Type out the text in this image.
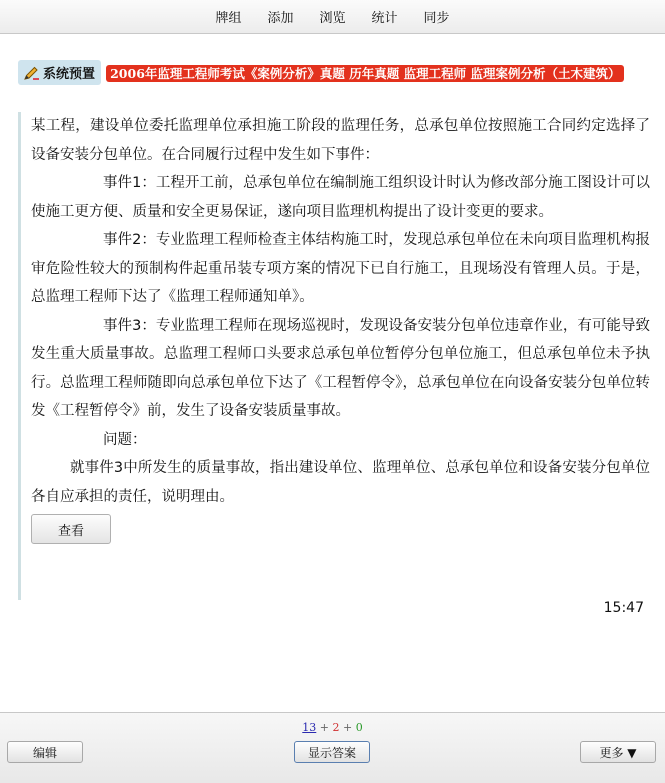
牌组	添加	浏览	统计	同步
系统预置 2006年监理工程师考试《案例分析》真题 历年真题 监理工程师 监理案例分析（土木建筑）

某工程，建设单位委托监理单位承担施工阶段的监理任务，总承包单位按照施工合同约定选择了设备安装分包单位。在合同履行过程中发生如下事件：

事件1：工程开工前，总承包单位在编制施工组织设计时认为修改部分施工图设计可以使施工更方便、质量和安全更易保证，遂向项目监理机构提出了设计变更的要求。

事件2：专业监理工程师检查主体结构施工时，发现总承包单位在未向项目监理机构报审危险性较大的预制构件起重吊装专项方案的情况下已自行施工，且现场没有管理人员。于是，总监理工程师下达了《监理工程师通知单》。

事件3：专业监理工程师在现场巡视时，发现设备安装分包单位违章作业，有可能导致发生重大质量事故。总监理工程师口头要求总承包单位暂停分包单位施工，但总承包单位未予执行。总监理工程师随即向总承包单位下达了《工程暂停令》，总承包单位在向设备安装分包单位转发《工程暂停令》前，发生了设备安装质量事故。

问题：

就事件3中所发生的质量事故，指出建设单位、监理单位、总承包单位和设备安装分包单位各自应承担的责任，说明理由。

查看
15:47
13 + 2 + 0
编辑	显示答案	更多 ▼
